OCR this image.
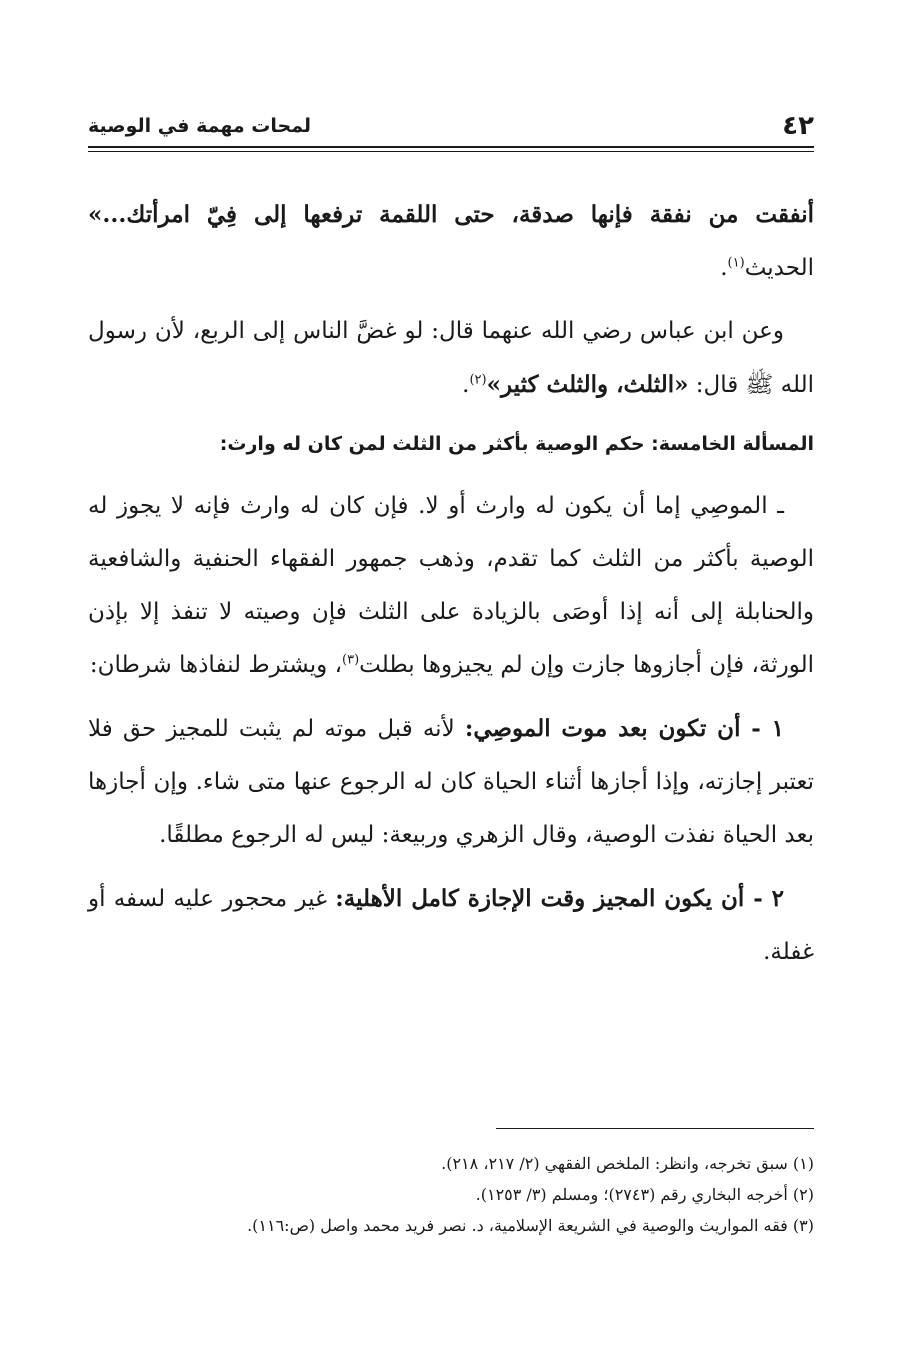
٤٢
لمحات مهمة في الوصية

أنفقت من نفقة فإنها صدقة، حتى اللقمة ترفعها إلى فِيّ امرأتك...» الحديث$^{(١)}$.

وعن ابن عباس رضي الله عنهما قال: لو غضَّ الناس إلى الربع، لأن رسول الله ﷺ قال: «الثلث، والثلث كثير»$^{(٢)}$.

المسألة الخامسة: حكم الوصية بأكثر من الثلث لمن كان له وارث:

ـ الموصِي إما أن يكون له وارث أو لا. فإن كان له وارث فإنه لا يجوز له الوصية بأكثر من الثلث كما تقدم، وذهب جمهور الفقهاء الحنفية والشافعية والحنابلة إلى أنه إذا أوصَى بالزيادة على الثلث فإن وصيته لا تنفذ إلا بإذن الورثة، فإن أجازوها جازت وإن لم يجيزوها بطلت$^{(٣)}$، ويشترط لنفاذها شرطان:

١ - أن تكون بعد موت الموصِي: لأنه قبل موته لم يثبت للمجيز حق فلا تعتبر إجازته، وإذا أجازها أثناء الحياة كان له الرجوع عنها متى شاء. وإن أجازها بعد الحياة نفذت الوصية، وقال الزهري وربيعة: ليس له الرجوع مطلقًا.

٢ - أن يكون المجيز وقت الإجازة كامل الأهلية: غير محجور عليه لسفه أو غفلة.

(١) سبق تخرجه، وانظر: الملخص الفقهي (٢/ ٢١٧، ٢١٨).

(٢) أخرجه البخاري رقم (٢٧٤٣)؛ ومسلم (٣/ ١٢٥٣).

(٣) فقه المواريث والوصية في الشريعة الإسلامية، د. نصر فريد محمد واصل (ص:١١٦).
